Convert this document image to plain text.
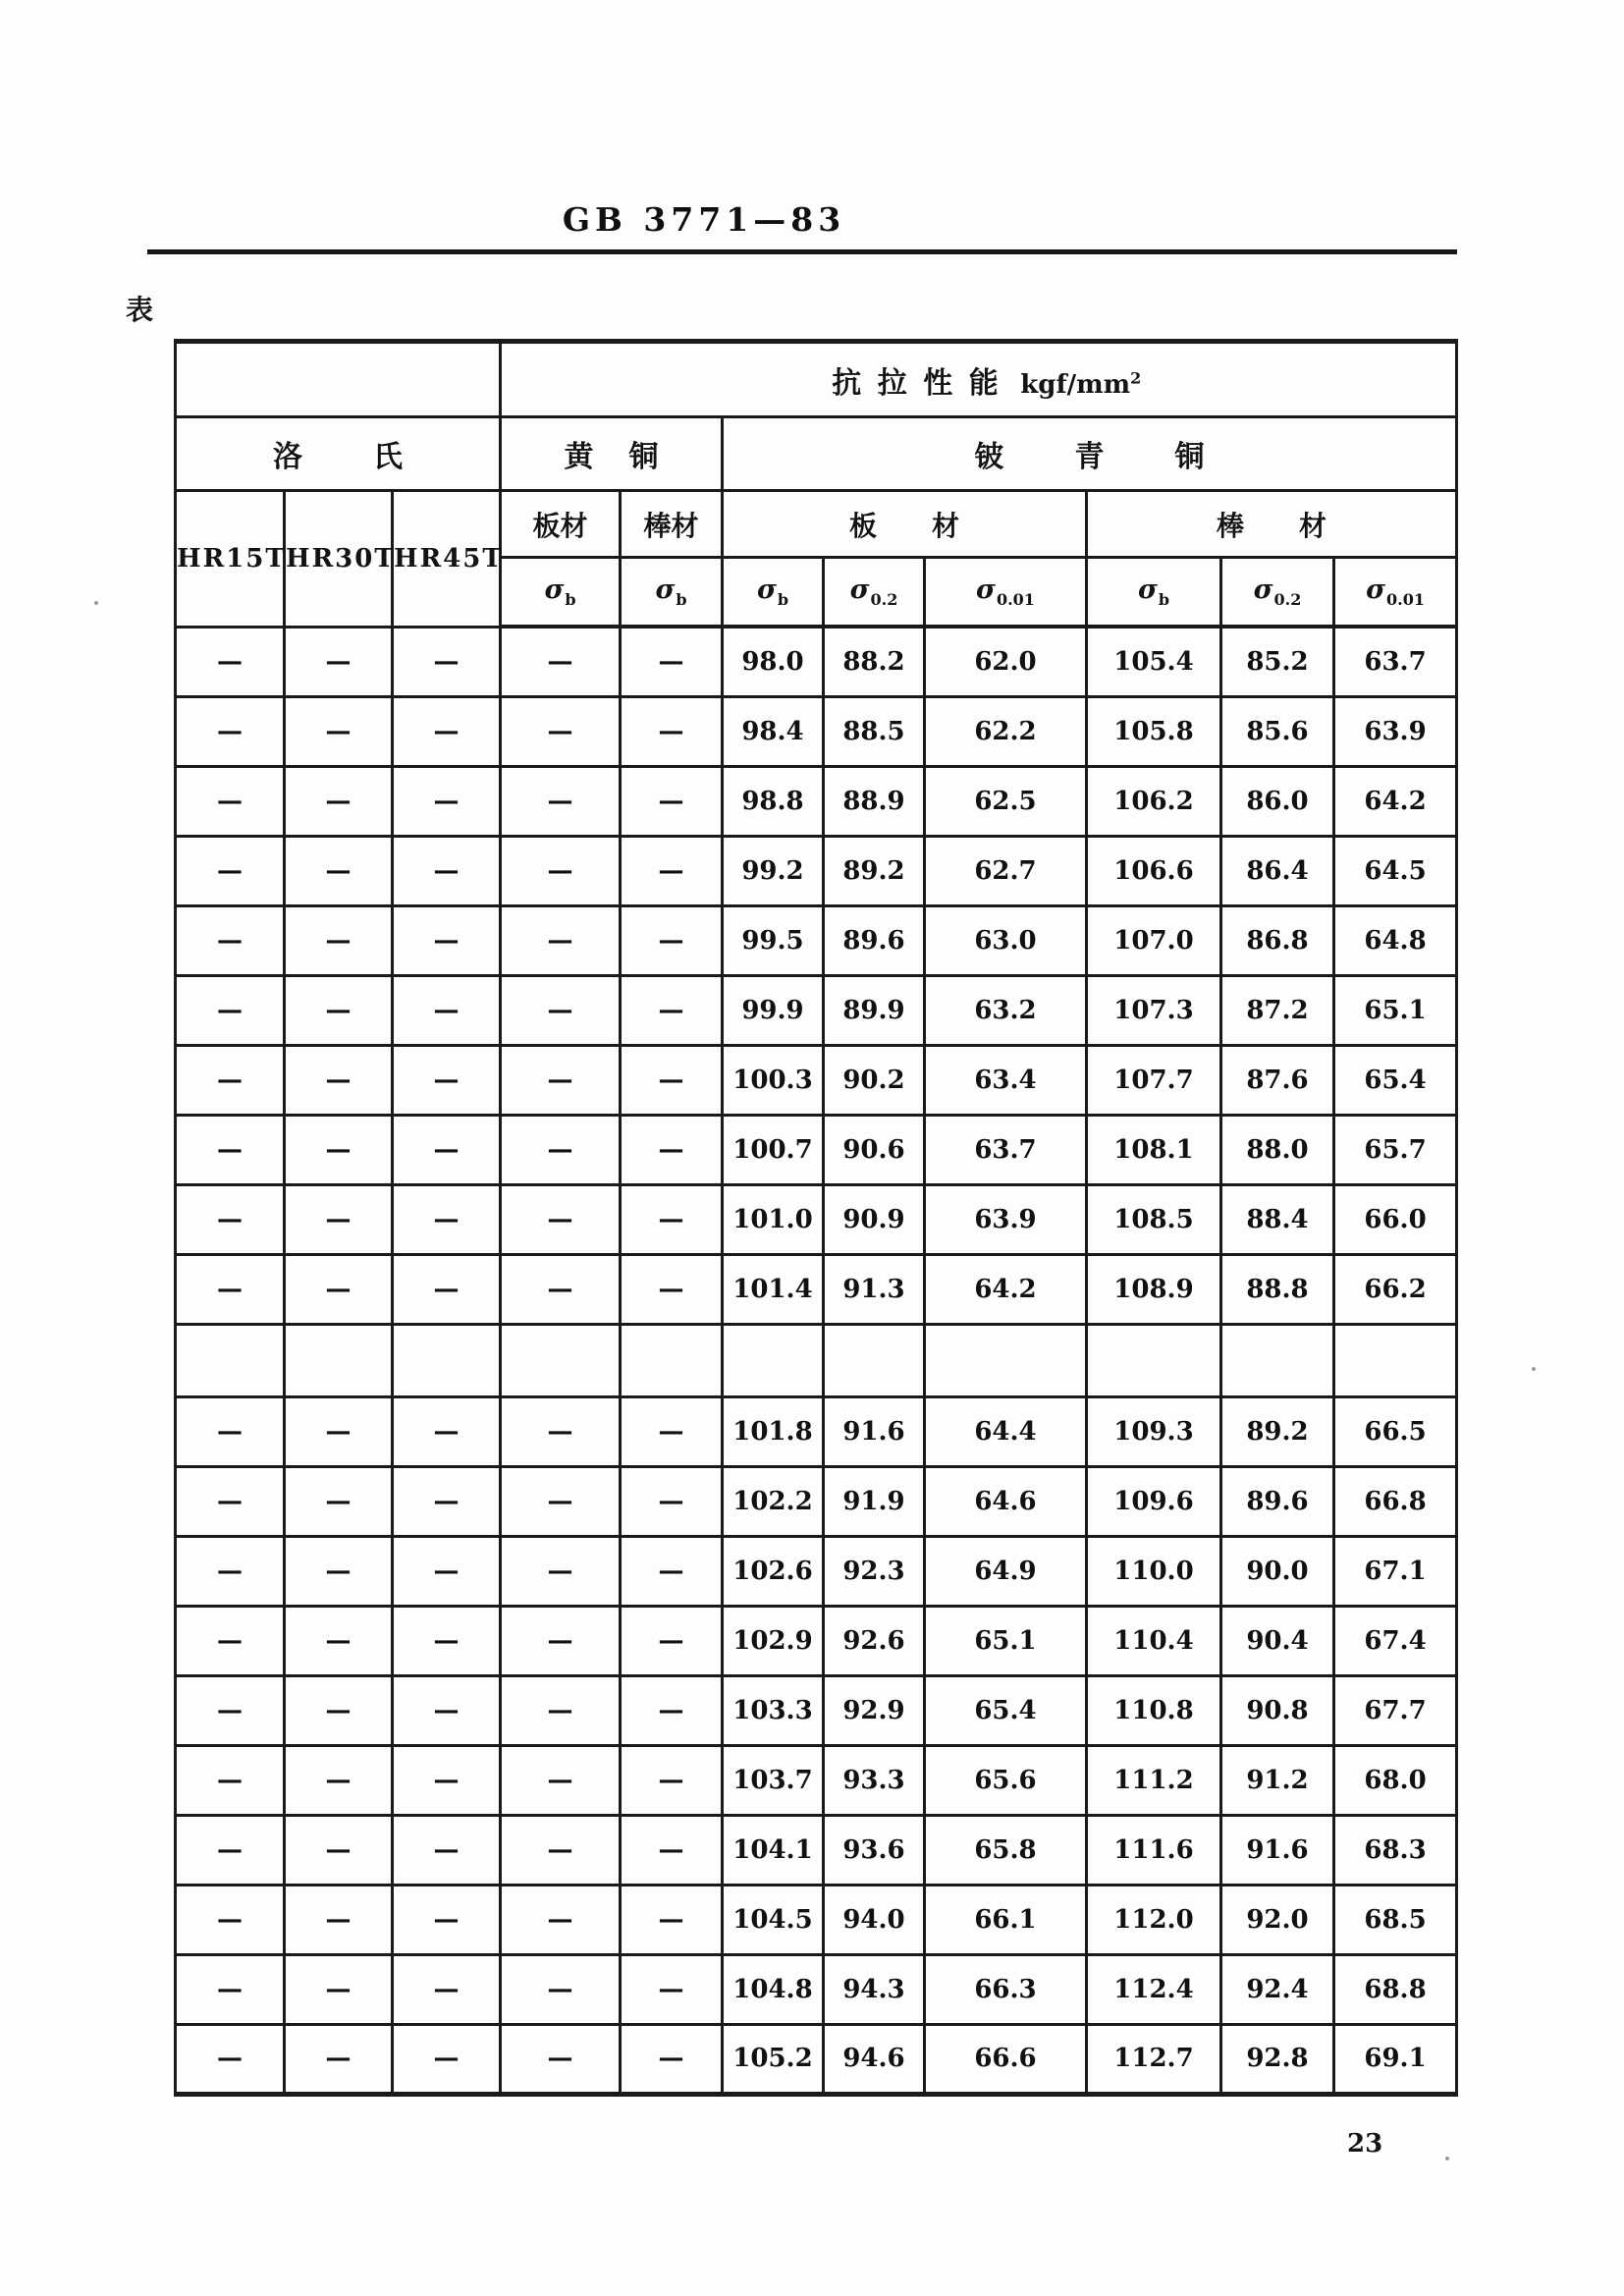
GB 3771—83
表
			抗拉性能 kgf/$mm^2$
洛氏			黄铜		铍青铜					
HR15T	HR30T	HR45T	板材	棒材	板材			棒材		
			σb	σb	σb	σ0.2	σ0.01	σb	σ0.2	σ0.01
—	—	—	—	—	98.0	88.2	62.0	105.4	85.2	63.7
—	—	—	—	—	98.4	88.5	62.2	105.8	85.6	63.9
—	—	—	—	—	98.8	88.9	62.5	106.2	86.0	64.2
—	—	—	—	—	99.2	89.2	62.7	106.6	86.4	64.5
—	—	—	—	—	99.5	89.6	63.0	107.0	86.8	64.8
—	—	—	—	—	99.9	89.9	63.2	107.3	87.2	65.1
—	—	—	—	—	100.3	90.2	63.4	107.7	87.6	65.4
—	—	—	—	—	100.7	90.6	63.7	108.1	88.0	65.7
—	—	—	—	—	101.0	90.9	63.9	108.5	88.4	66.0
—	—	—	—	—	101.4	91.3	64.2	108.9	88.8	66.2

—	—	—	—	—	101.8	91.6	64.4	109.3	89.2	66.5
—	—	—	—	—	102.2	91.9	64.6	109.6	89.6	66.8
—	—	—	—	—	102.6	92.3	64.9	110.0	90.0	67.1
—	—	—	—	—	102.9	92.6	65.1	110.4	90.4	67.4
—	—	—	—	—	103.3	92.9	65.4	110.8	90.8	67.7
—	—	—	—	—	103.7	93.3	65.6	111.2	91.2	68.0
—	—	—	—	—	104.1	93.6	65.8	111.6	91.6	68.3
—	—	—	—	—	104.5	94.0	66.1	112.0	92.0	68.5
—	—	—	—	—	104.8	94.3	66.3	112.4	92.4	68.8
—	—	—	—	—	105.2	94.6	66.6	112.7	92.8	69.1
23
